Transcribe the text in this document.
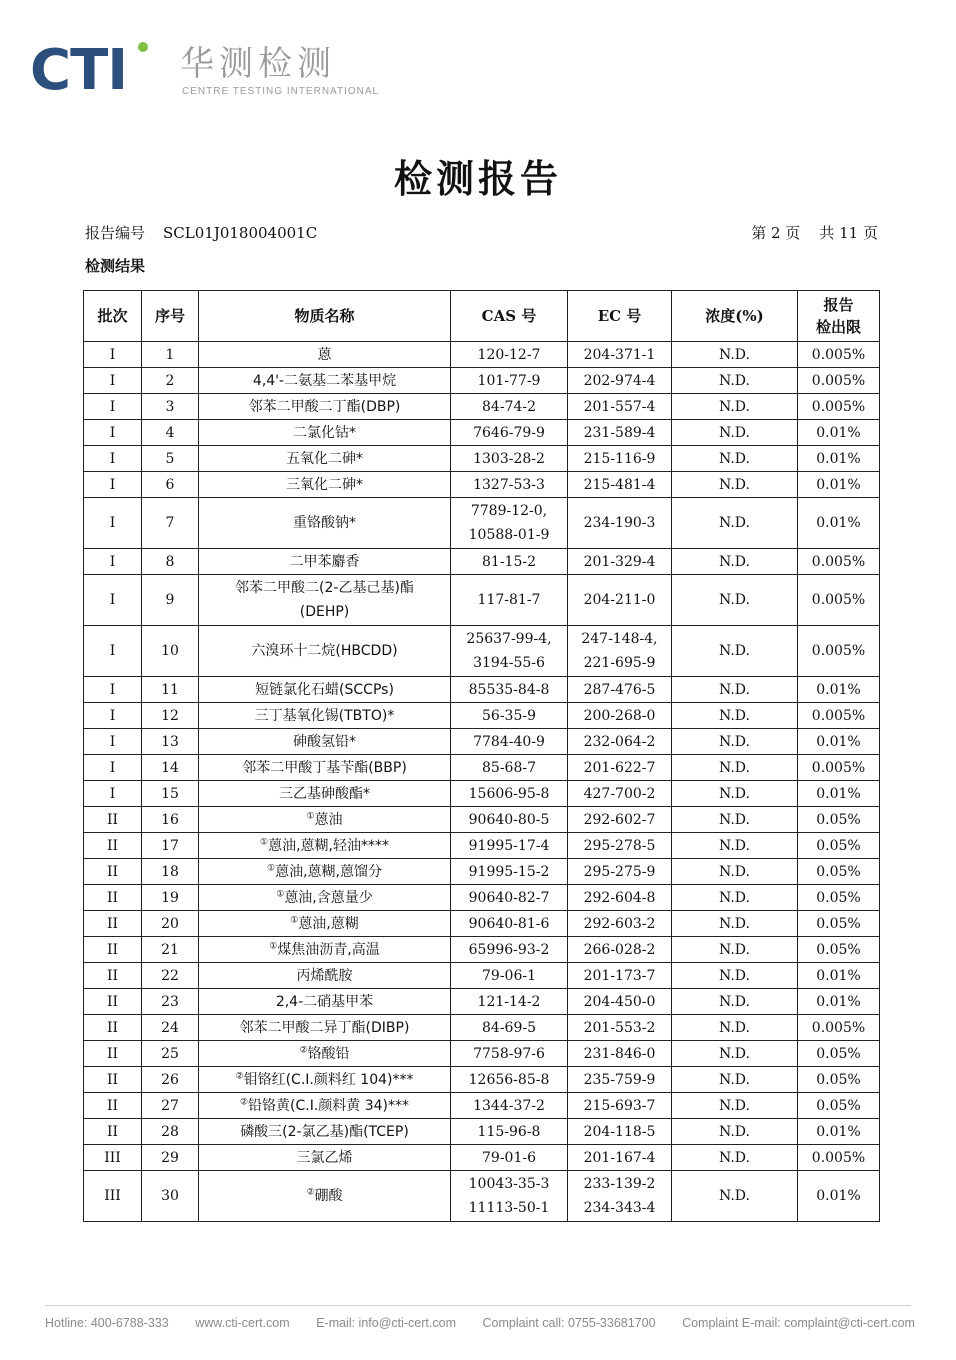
CTI 华测检测
CENTRE TESTING INTERNATIONAL
检测报告
报告编号 SCL01J018004001C	第 2 页    共 11 页
检测结果
批次	序号	物质名称	CAS 号	EC 号	浓度(%)	报告
检出限
I	1	蒽	120-12-7	204-371-1	N.D.	0.005%
I	2	4,4'-二氨基二苯基甲烷	101-77-9	202-974-4	N.D.	0.005%
I	3	邻苯二甲酸二丁酯(DBP)	84-74-2	201-557-4	N.D.	0.005%
I	4	二氯化钴*	7646-79-9	231-589-4	N.D.	0.01%
I	5	五氧化二砷*	1303-28-2	215-116-9	N.D.	0.01%
I	6	三氧化二砷*	1327-53-3	215-481-4	N.D.	0.01%
I	7	重铬酸钠*	7789-12-0,
10588-01-9	234-190-3	N.D.	0.01%
I	8	二甲苯麝香	81-15-2	201-329-4	N.D.	0.005%
I	9	邻苯二甲酸二(2-乙基己基)酯
(DEHP)	117-81-7	204-211-0	N.D.	0.005%
I	10	六溴环十二烷(HBCDD)	25637-99-4,
3194-55-6	247-148-4,
221-695-9	N.D.	0.005%
I	11	短链氯化石蜡(SCCPs)	85535-84-8	287-476-5	N.D.	0.01%
I	12	三丁基氧化锡(TBTO)*	56-35-9	200-268-0	N.D.	0.005%
I	13	砷酸氢铅*	7784-40-9	232-064-2	N.D.	0.01%
I	14	邻苯二甲酸丁基苄酯(BBP)	85-68-7	201-622-7	N.D.	0.005%
I	15	三乙基砷酸酯*	15606-95-8	427-700-2	N.D.	0.01%
II	16	①蒽油	90640-80-5	292-602-7	N.D.	0.05%
II	17	①蒽油,蒽糊,轻油****	91995-17-4	295-278-5	N.D.	0.05%
II	18	①蒽油,蒽糊,蒽馏分	91995-15-2	295-275-9	N.D.	0.05%
II	19	①蒽油,含蒽量少	90640-82-7	292-604-8	N.D.	0.05%
II	20	①蒽油,蒽糊	90640-81-6	292-603-2	N.D.	0.05%
II	21	①煤焦油沥青,高温	65996-93-2	266-028-2	N.D.	0.05%
II	22	丙烯酰胺	79-06-1	201-173-7	N.D.	0.01%
II	23	2,4-二硝基甲苯	121-14-2	204-450-0	N.D.	0.01%
II	24	邻苯二甲酸二异丁酯(DIBP)	84-69-5	201-553-2	N.D.	0.005%
II	25	②铬酸铅	7758-97-6	231-846-0	N.D.	0.05%
II	26	②钼铬红(C.I.颜料红 104)***	12656-85-8	235-759-9	N.D.	0.05%
II	27	②铅铬黄(C.I.颜料黄 34)***	1344-37-2	215-693-7	N.D.	0.05%
II	28	磷酸三(2-氯乙基)酯(TCEP)	115-96-8	204-118-5	N.D.	0.01%
III	29	三氯乙烯	79-01-6	201-167-4	N.D.	0.005%
III	30	②硼酸	10043-35-3
11113-50-1	233-139-2
234-343-4	N.D.	0.01%
Hotline: 400-6788-333 www.cti-cert.com E-mail: info@cti-cert.com Complaint call: 0755-33681700 Complaint E-mail: complaint@cti-cert.com
